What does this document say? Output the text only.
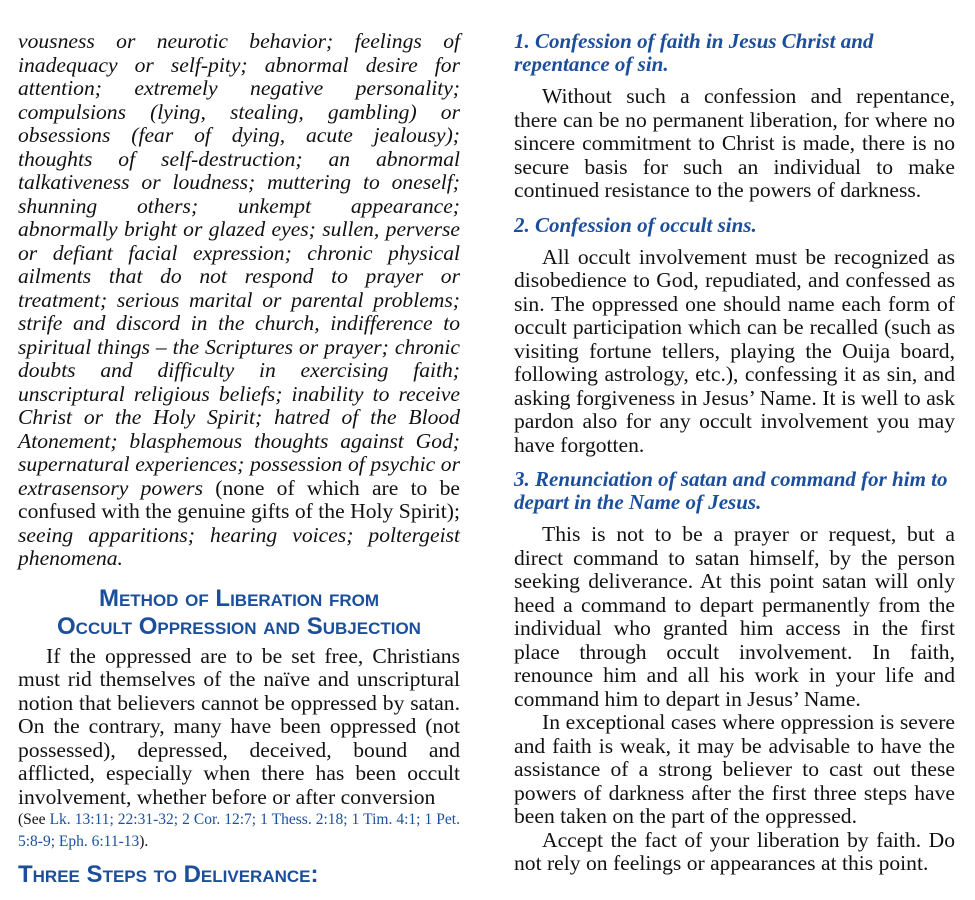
vousness or neurotic behavior; feelings of inadequacy or self-pity; abnormal desire for attention; extremely negative personality; compulsions (lying, stealing, gambling) or obsessions (fear of dying, acute jealousy); thoughts of self-destruction; an abnormal talkativeness or loudness; muttering to oneself; shunning others; unkempt appearance; abnormally bright or glazed eyes; sullen, perverse or defiant facial expression; chronic physical ailments that do not respond to prayer or treatment; serious marital or parental problems; strife and discord in the church, indifference to spiritual things – the Scriptures or prayer; chronic doubts and difficulty in exercising faith; unscriptural religious beliefs; inability to receive Christ or the Holy Spirit; hatred of the Blood Atonement; blasphemous thoughts against God; supernatural experiences; possession of psychic or extrasensory powers (none of which are to be confused with the genuine gifts of the Holy Spirit); seeing apparitions; hearing voices; poltergeist phenomena.

Method of Liberation from
Occult Oppression and Subjection

If the oppressed are to be set free, Christians must rid themselves of the naïve and unscriptural notion that believers cannot be oppressed by satan. On the contrary, many have been oppressed (not possessed), depressed, deceived, bound and afflicted, especially when there has been occult involvement, whether before or after conversion

(See Lk. 13:11; 22:31-32; 2 Cor. 12:7; 1 Thess. 2:18; 1 Tim. 4:1; 1 Pet. 5:8-9; Eph. 6:11-13).

Three Steps to Deliverance:
1. Confession of faith in Jesus Christ and repentance of sin.

Without such a confession and repentance, there can be no permanent liberation, for where no sincere commitment to Christ is made, there is no secure basis for such an individual to make continued resistance to the powers of darkness.

2. Confession of occult sins.

All occult involvement must be recognized as disobedience to God, repudiated, and confessed as sin. The oppressed one should name each form of occult participation which can be recalled (such as visiting fortune tellers, playing the Ouija board, following astrology, etc.), confessing it as sin, and asking forgiveness in Jesus’ Name. It is well to ask pardon also for any occult involvement you may have forgotten.

3. Renunciation of satan and command for him to depart in the Name of Jesus.

This is not to be a prayer or request, but a direct command to satan himself, by the person seeking deliverance. At this point satan will only heed a command to depart permanently from the individual who granted him access in the first place through occult involvement. In faith, renounce him and all his work in your life and command him to depart in Jesus’ Name.

In exceptional cases where oppression is severe and faith is weak, it may be advisable to have the assistance of a strong believer to cast out these powers of darkness after the first three steps have been taken on the part of the oppressed.

Accept the fact of your liberation by faith. Do not rely on feelings or appearances at this point.
